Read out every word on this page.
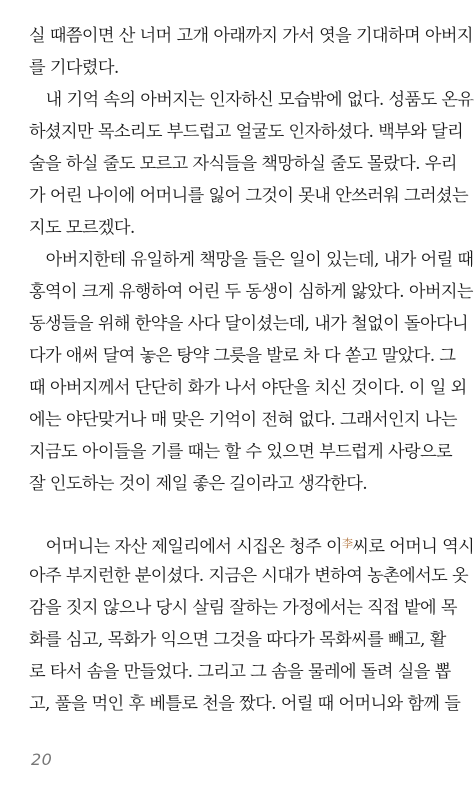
실 때쯤이면 산 너머 고개 아래까지 가서 엿을 기대하며 아버지
를 기다렸다.
　내 기억 속의 아버지는 인자하신 모습밖에 없다. 성품도 온유
하셨지만 목소리도 부드럽고 얼굴도 인자하셨다. 백부와 달리
술을 하실 줄도 모르고 자식들을 책망하실 줄도 몰랐다. 우리
가 어린 나이에 어머니를 잃어 그것이 못내 안쓰러워 그러셨는
지도 모르겠다.
　아버지한테 유일하게 책망을 들은 일이 있는데, 내가 어릴 때
홍역이 크게 유행하여 어린 두 동생이 심하게 앓았다. 아버지는
동생들을 위해 한약을 사다 달이셨는데, 내가 철없이 돌아다니
다가 애써 달여 놓은 탕약 그릇을 발로 차 다 쏟고 말았다. 그
때 아버지께서 단단히 화가 나서 야단을 치신 것이다. 이 일 외
에는 야단맞거나 매 맞은 기억이 전혀 없다. 그래서인지 나는
지금도 아이들을 기를 때는 할 수 있으면 부드럽게 사랑으로
잘 인도하는 것이 제일 좋은 길이라고 생각한다.
　어머니는 자산 제일리에서 시집온 청주 이$^李$씨로 어머니 역시
아주 부지런한 분이셨다. 지금은 시대가 변하여 농촌에서도 옷
감을 짓지 않으나 당시 살림 잘하는 가정에서는 직접 밭에 목
화를 심고, 목화가 익으면 그것을 따다가 목화씨를 빼고, 활
로 타서 솜을 만들었다. 그리고 그 솜을 물레에 돌려 실을 뽑
고, 풀을 먹인 후 베틀로 천을 짰다. 어릴 때 어머니와 함께 들
20
